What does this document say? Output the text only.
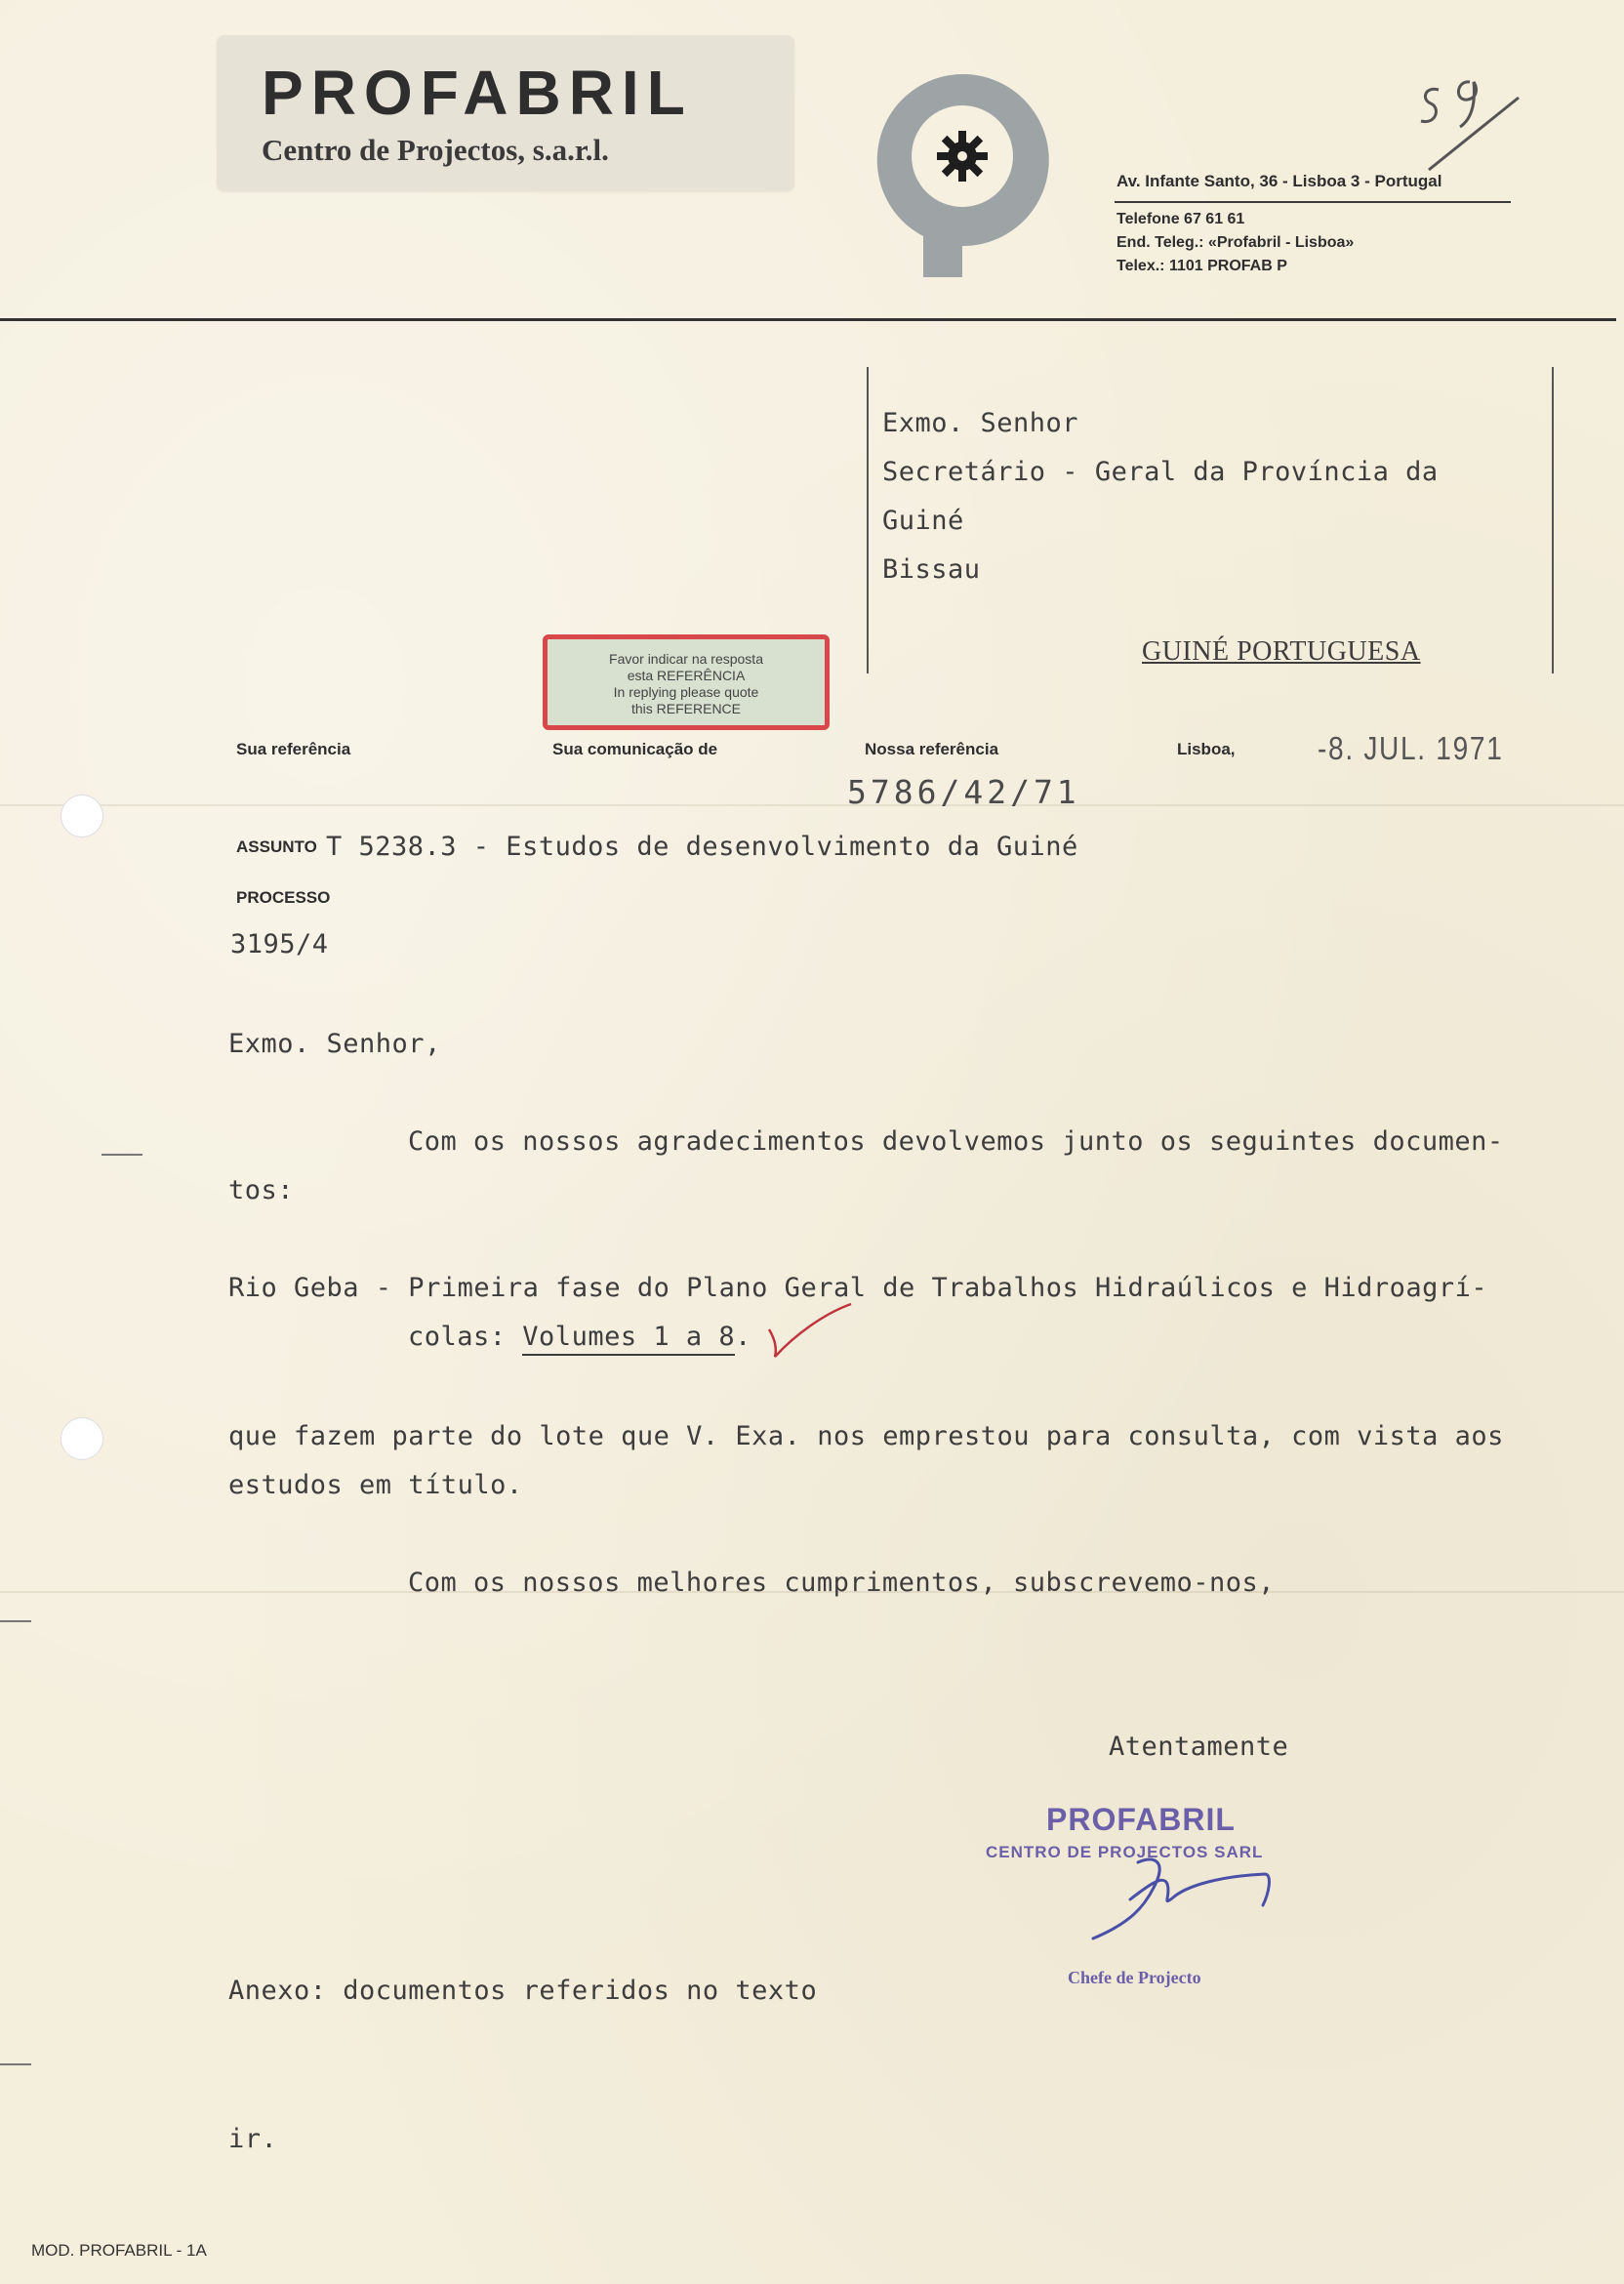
PROFABRIL
Centro de Projectos, s.a.r.l.
59
Av. Infante Santo, 36 - Lisboa 3 - Portugal
Telefone 67 61 61
End. Teleg.: «Profabril - Lisboa»
Telex.: 1101 PROFAB P
Exmo. Senhor
Secretário - Geral da Província da
Guiné
Bissau
GUINÉ PORTUGUESA
Favor indicar na resposta
esta REFERÊNCIA
In replying please quote
this REFERENCE
Sua referência	Sua comunicação de	Nossa referência	Lisboa,	-8. JUL. 1971
5786/42/71
ASSUNTO T 5238.3 - Estudos de desenvolvimento da Guiné
PROCESSO
3195/4
Exmo. Senhor,
Com os nossos agradecimentos devolvemos junto os seguintes documen-
tos:
Rio Geba - Primeira fase do Plano Geral de Trabalhos Hidraúlicos e Hidroagrí-
colas: Volumes 1 a 8.
que fazem parte do lote que V. Exa. nos emprestou para consulta, com vista aos
estudos em título.
Com os nossos melhores cumprimentos, subscrevemo-nos,
Atentamente
PROFABRIL
CENTRO DE PROJECTOS SARL
Chefe de Projecto
Anexo: documentos referidos no texto
ir.
MOD. PROFABRIL - 1A
